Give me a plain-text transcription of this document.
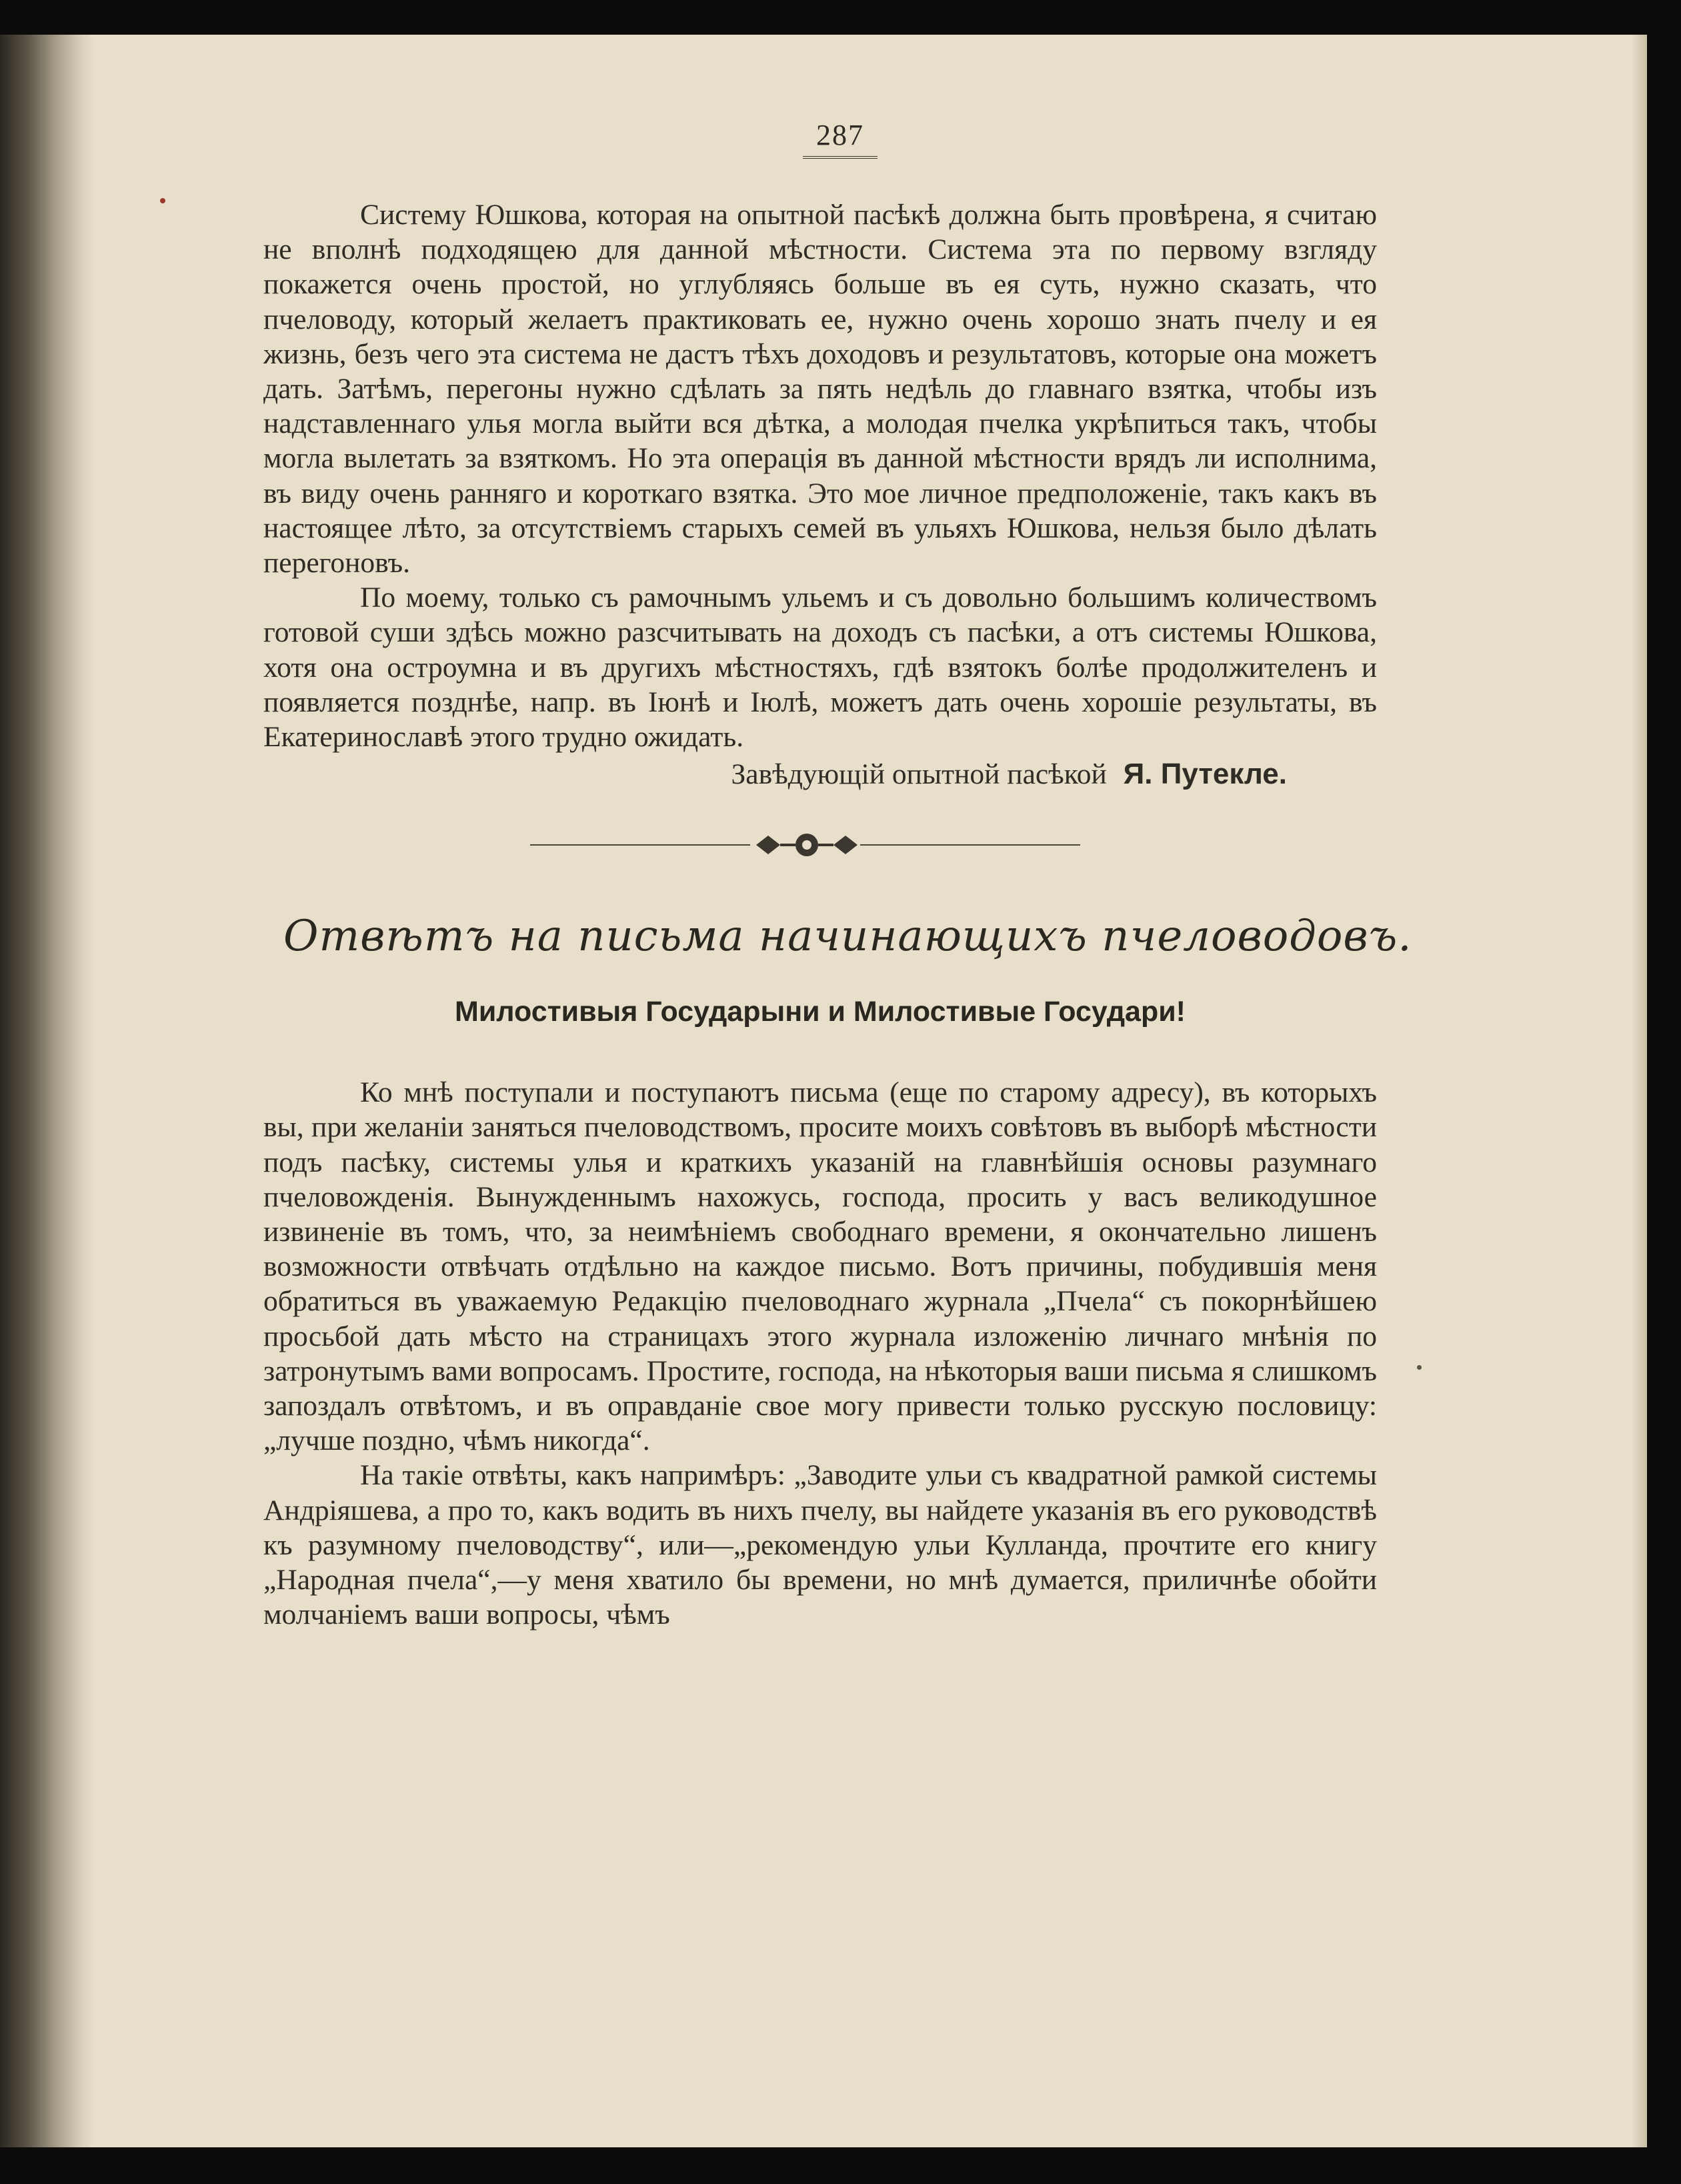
287

Систему Юшкова, которая на опытной пасѣкѣ должна быть провѣрена, я считаю не вполнѣ подходящею для данной мѣстности. Система эта по первому взгляду покажется очень простой, но углубляясь больше въ ея суть, нужно сказать, что пчеловоду, который желаетъ практиковать ее, нужно очень хорошо знать пчелу и ея жизнь, безъ чего эта система не дастъ тѣхъ доходовъ и результатовъ, которые она можетъ дать. Затѣмъ, перегоны нужно сдѣлать за пять недѣль до главнаго взятка, чтобы изъ надставленнаго улья могла выйти вся дѣтка, а молодая пчелка укрѣпиться такъ, чтобы могла вылетать за взяткомъ. Но эта операція въ данной мѣстности врядъ ли исполнима, въ виду очень ранняго и короткаго взятка. Это мое личное предположеніе, такъ какъ въ настоящее лѣто, за отсутствіемъ старыхъ семей въ ульяхъ Юшкова, нельзя было дѣлать перегоновъ.

По моему, только съ рамочнымъ ульемъ и съ довольно большимъ количествомъ готовой суши здѣсь можно разсчитывать на доходъ съ пасѣки, а отъ системы Юшкова, хотя она остроумна и въ другихъ мѣстностяхъ, гдѣ взятокъ болѣе продолжителенъ и появляется позднѣе, напр. въ Іюнѣ и Іюлѣ, можетъ дать очень хорошіе результаты, въ Екатеринославѣ этого трудно ожидать.

Завѣдующій опытной пасѣкой Я. Путекле.
Отвѣтъ на письма начинающихъ пчеловодовъ.
Милостивыя Государыни и Милостивые Государи!

Ко мнѣ поступали и поступаютъ письма (еще по старому адресу), въ которыхъ вы, при желаніи заняться пчеловодствомъ, просите моихъ совѣтовъ въ выборѣ мѣстности подъ пасѣку, системы улья и краткихъ указаній на главнѣйшія основы разумнаго пчеловожденія. Вынужденнымъ нахожусь, господа, просить у васъ великодушное извиненіе въ томъ, что, за неимѣніемъ свободнаго времени, я окончательно лишенъ возможности отвѣчать отдѣльно на каждое письмо. Вотъ причины, побудившія меня обратиться въ уважаемую Редакцію пчеловоднаго журнала „Пчела“ съ покорнѣйшею просьбой дать мѣсто на страницахъ этого журнала изложенію личнаго мнѣнія по затронутымъ вами вопросамъ. Простите, господа, на нѣкоторыя ваши письма я слишкомъ запоздалъ отвѣтомъ, и въ оправданіе свое могу привести только русскую пословицу: „лучше поздно, чѣмъ никогда“.

На такіе отвѣты, какъ напримѣръ: „Заводите ульи съ квадратной рамкой системы Андріяшева, а про то, какъ водить въ нихъ пчелу, вы найдете указанія въ его руководствѣ къ разумному пчеловодству“, или—„рекомендую ульи Кулланда, прочтите его книгу „Народная пчела“,—у меня хватило бы времени, но мнѣ думается, приличнѣе обойти молчаніемъ ваши вопросы, чѣмъ
